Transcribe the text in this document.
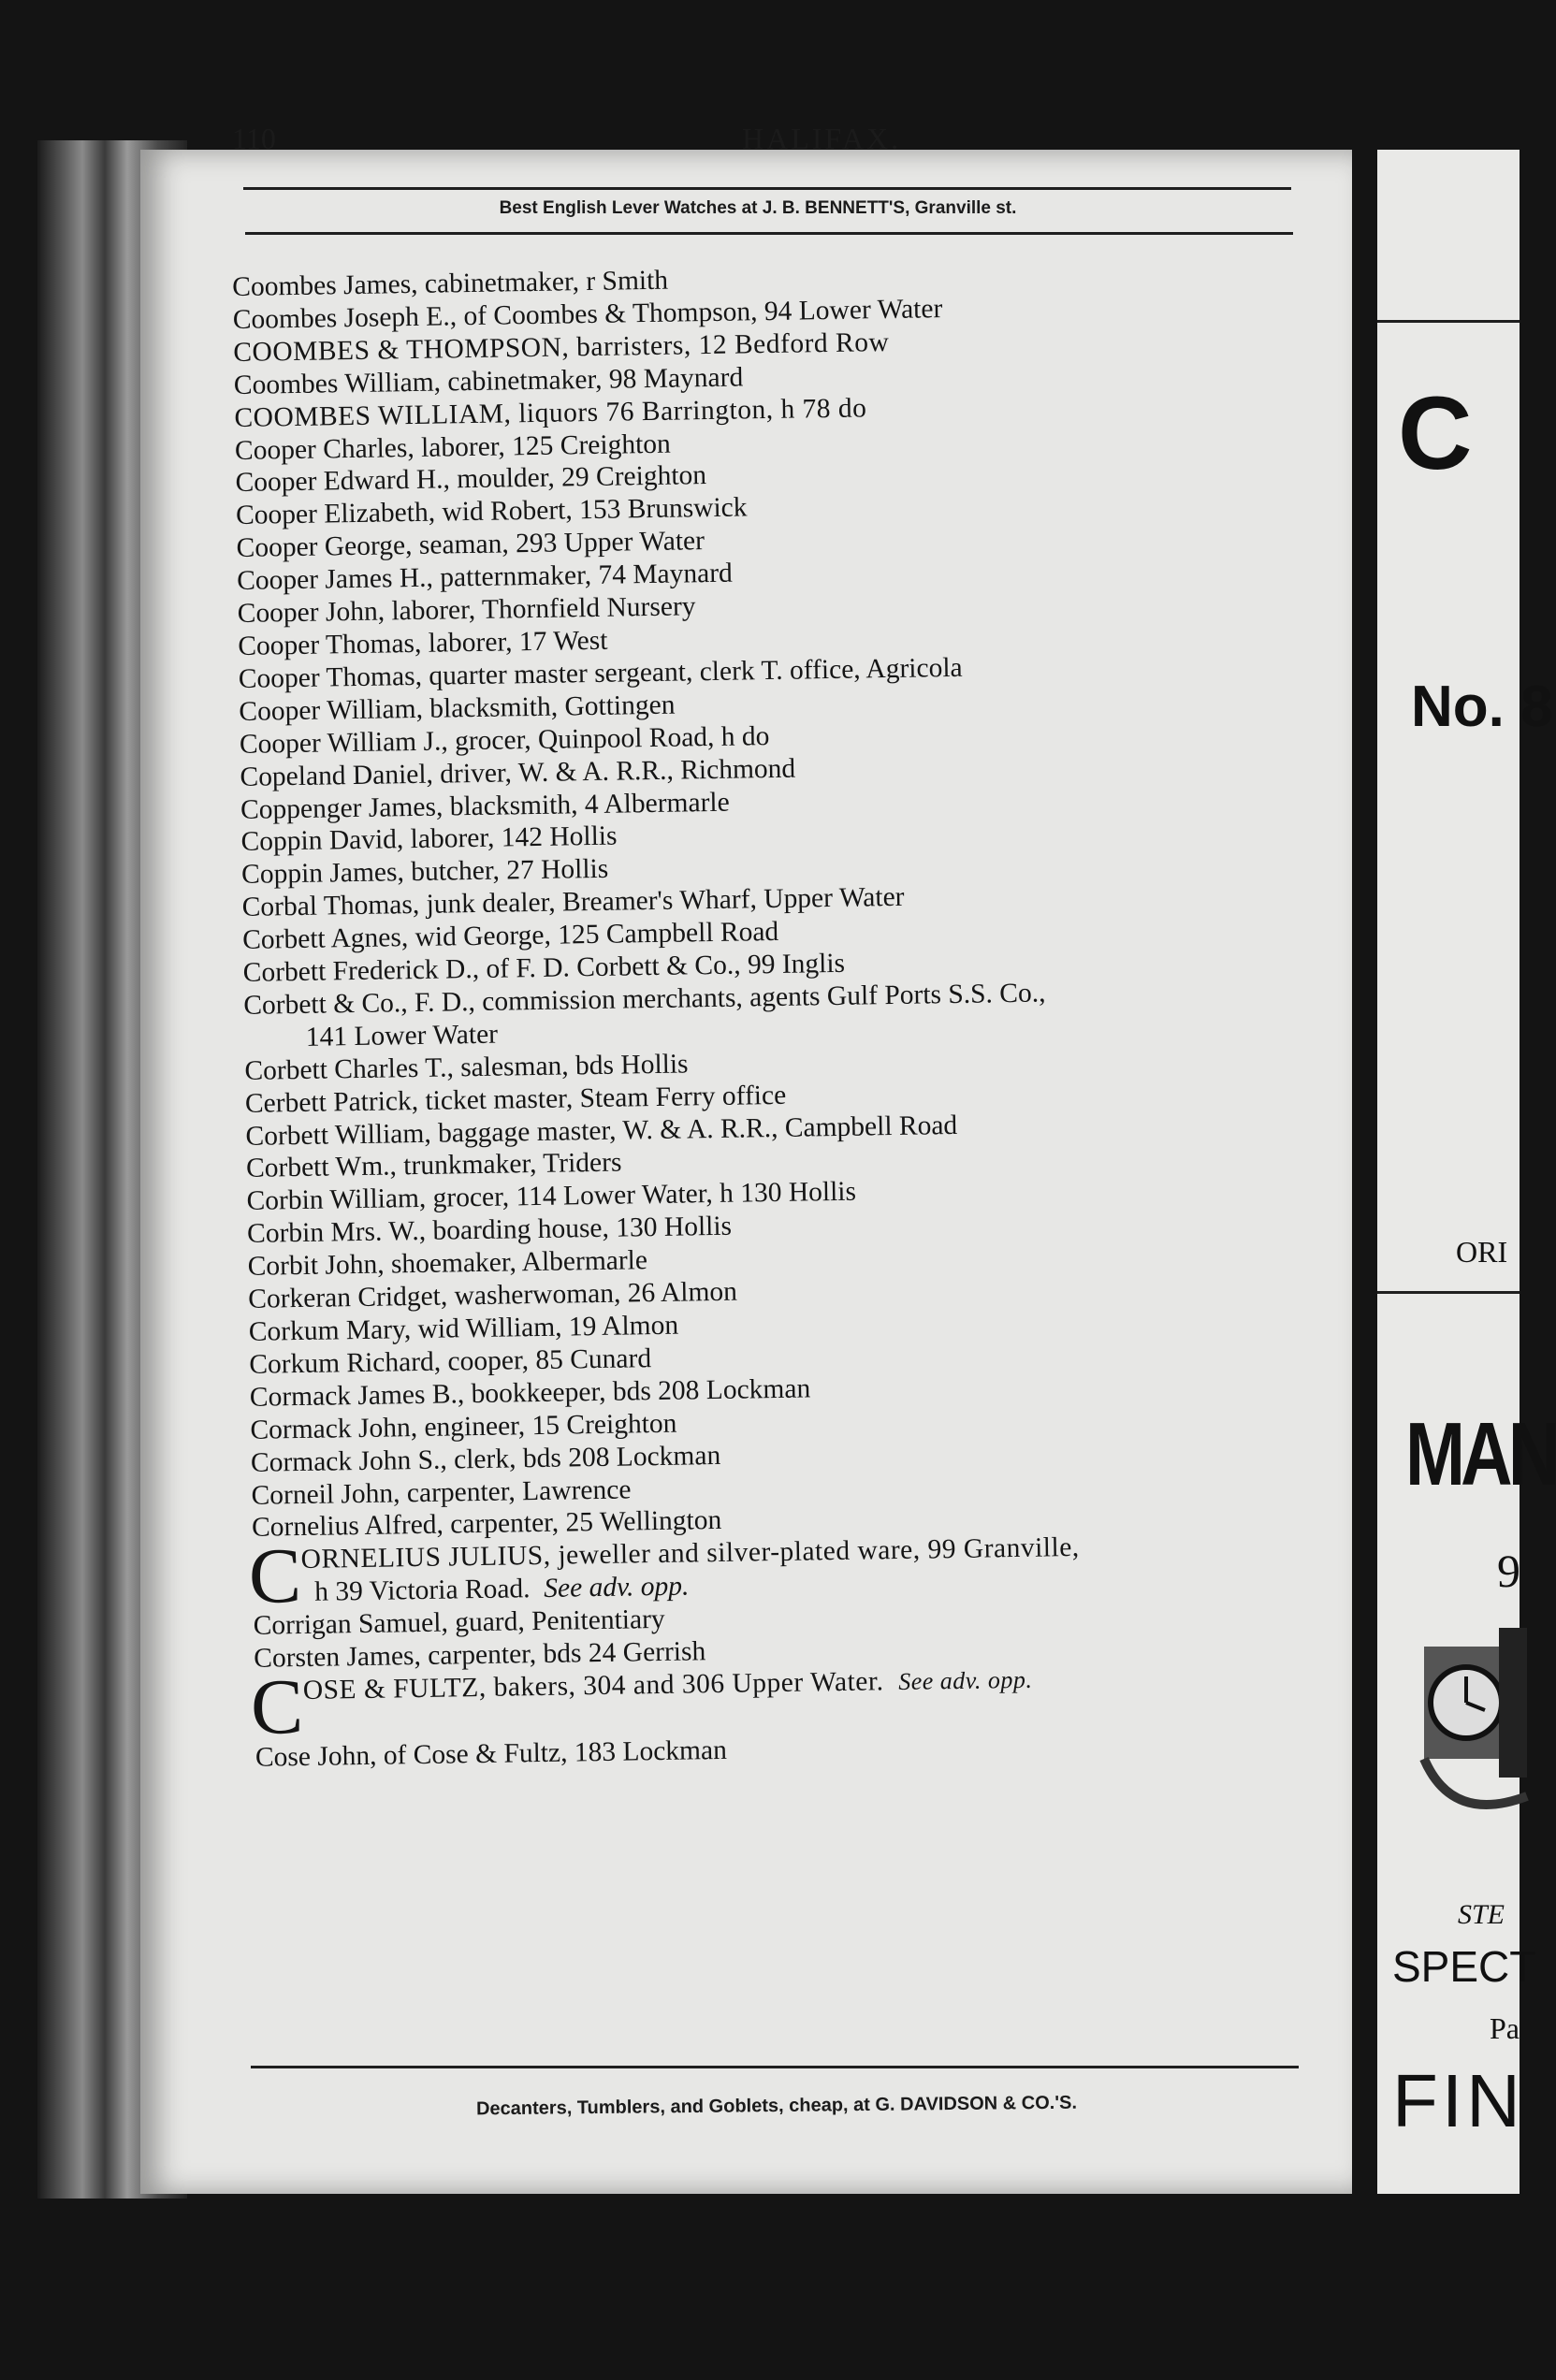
C
No. 8
ORI
MAN
9
STE
SPECT
Pa
FIN
110	HALIFAX.
Best English Lever Watches at J. B. BENNETT'S, Granville st.
Coombes James, cabinetmaker, r Smith
Coombes Joseph E., of Coombes & Thompson, 94 Lower Water
COOMBES & THOMPSON, barristers, 12 Bedford Row
Coombes William, cabinetmaker, 98 Maynard
COOMBES WILLIAM, liquors 76 Barrington, h 78 do
Cooper Charles, laborer, 125 Creighton
Cooper Edward H., moulder, 29 Creighton
Cooper Elizabeth, wid Robert, 153 Brunswick
Cooper George, seaman, 293 Upper Water
Cooper James H., patternmaker, 74 Maynard
Cooper John, laborer, Thornfield Nursery
Cooper Thomas, laborer, 17 West
Cooper Thomas, quarter master sergeant, clerk T. office, Agricola
Cooper William, blacksmith, Gottingen
Cooper William J., grocer, Quinpool Road, h do
Copeland Daniel, driver, W. & A. R.R., Richmond
Coppenger James, blacksmith, 4 Albermarle
Coppin David, laborer, 142 Hollis
Coppin James, butcher, 27 Hollis
Corbal Thomas, junk dealer, Breamer's Wharf, Upper Water
Corbett Agnes, wid George, 125 Campbell Road
Corbett Frederick D., of F. D. Corbett & Co., 99 Inglis
Corbett & Co., F. D., commission merchants, agents Gulf Ports S.S. Co.,
141 Lower Water
Corbett Charles T., salesman, bds Hollis
Cerbett Patrick, ticket master, Steam Ferry office
Corbett William, baggage master, W. & A. R.R., Campbell Road
Corbett Wm., trunkmaker, Triders
Corbin William, grocer, 114 Lower Water, h 130 Hollis
Corbin Mrs. W., boarding house, 130 Hollis
Corbit John, shoemaker, Albermarle
Corkeran Cridget, washerwoman, 26 Almon
Corkum Mary, wid William, 19 Almon
Corkum Richard, cooper, 85 Cunard
Cormack James B., bookkeeper, bds 208 Lockman
Cormack John, engineer, 15 Creighton
Cormack John S., clerk, bds 208 Lockman
Corneil John, carpenter, Lawrence
Cornelius Alfred, carpenter, 25 Wellington
C
ORNELIUS JULIUS, jeweller and silver-plated ware, 99 Granville,
h 39 Victoria Road. See adv. opp.
Corrigan Samuel, guard, Penitentiary
Corsten James, carpenter, bds 24 Gerrish
C
OSE & FULTZ, bakers, 304 and 306 Upper Water. See adv. opp.

Cose John, of Cose & Fultz, 183 Lockman
Decanters, Tumblers, and Goblets, cheap, at G. DAVIDSON & CO.'S.
